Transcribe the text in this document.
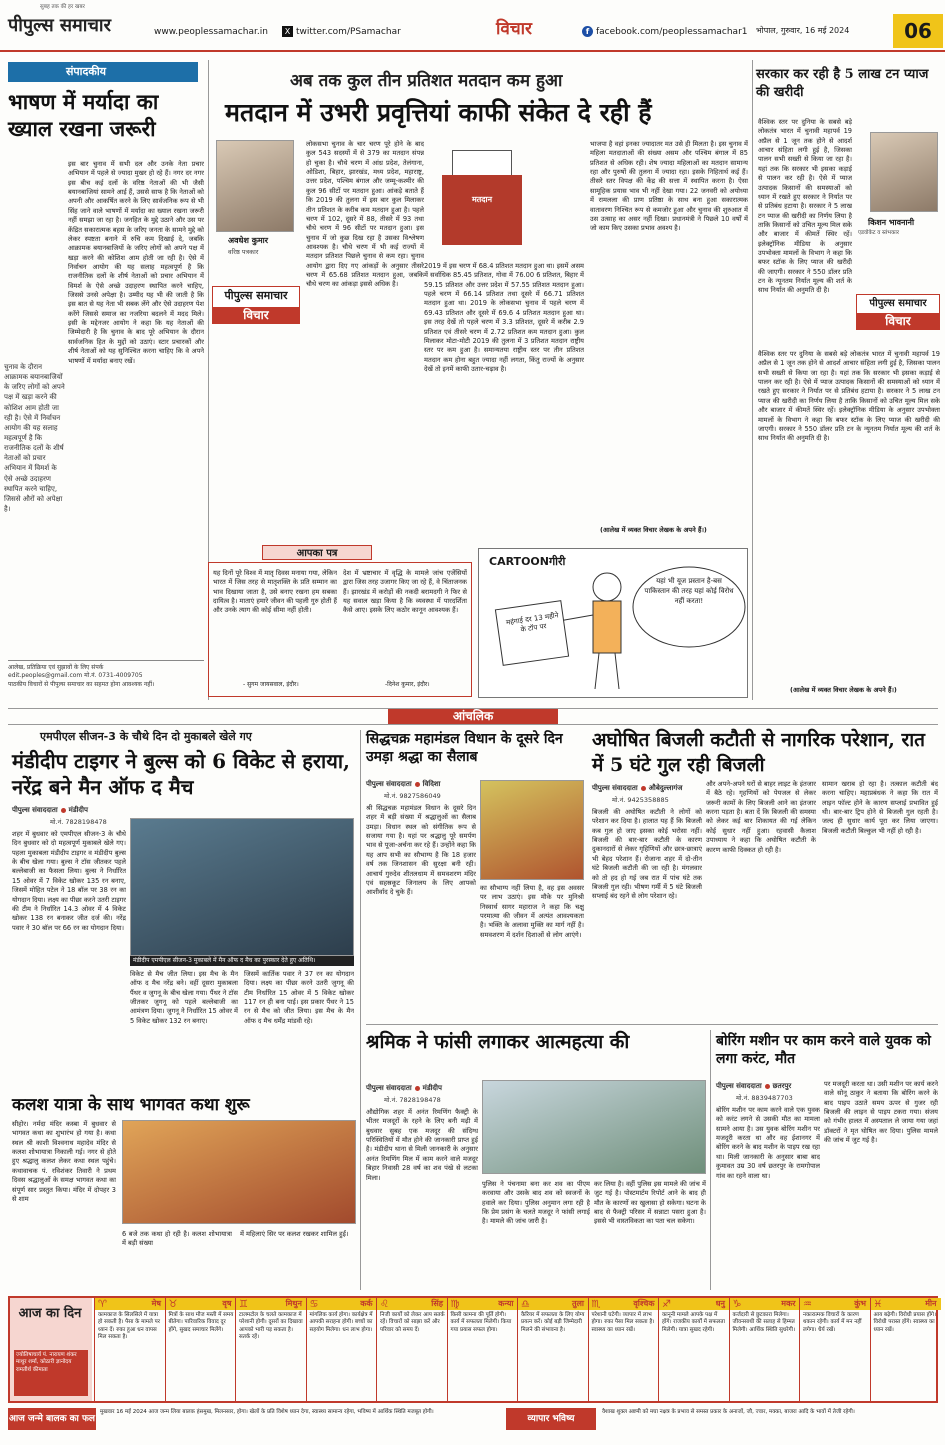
सुबह तक की हर खबर
पीपुल्स समाचार	www.peoplessamachar.in	X twitter.com/PSamachar	विचार	f facebook.com/peoplessamachar1 भोपाल, गुरुवार, 16 मई 2024	06
संपादकीय
भाषण में मर्यादा का ख्याल रखना जरूरी
चुनाव के दौरान आक्रामक बयानबाजियों के जरिए लोगों को अपने पक्ष में खड़ा करने की कोशिश आम होती जा रही है। ऐसे में निर्वाचन आयोग की यह सलाह महत्वपूर्ण है कि राजनीतिक दलों के शीर्ष नेताओं को प्रचार अभियान में विमर्श के ऐसे अच्छे उदाहरण स्थापित करने चाहिए, जिससे औरों को अपेक्षा है।
इस बार चुनाव में सभी दल और उनके नेता प्रचार अभियान में पहले से ज्यादा मुखर हो रहे हैं। नगर दर नगर इस बीच कई दलों के वरिष्ठ नेताओं की भी जैसी बयानबाजियां सामने आई हैं, उससे साफ है कि नेताओं को अपनी और आकर्षित करने के लिए सार्वजनिक रूप से भी सिंह जाने वाले भाषणों में मर्यादा का ख्याल रखना जरूरी नहीं समझा जा रहा है। जनहित के मुद्दे उठाने और उस पर केंद्रित सकारात्मक बहस के जरिए जनता के सामने मुद्दे को लेकर स्पष्टता बनाने में रुचि कम दिखाई दे, जबकि आक्रामक बयानबाजियों के जरिए लोगों को अपने पक्ष में खड़ा करने की कोशिश आम होती जा रही है। ऐसे में निर्वाचन आयोग की यह सलाह महत्वपूर्ण है कि राजनीतिक दलों के शीर्ष नेताओं को प्रचार अभियान में विमर्श के ऐसे अच्छे उदाहरण स्थापित करने चाहिए, जिससे उनसे अपेक्षा है। उम्मीद यह भी की जाती है कि इस बात से यह नेता भी सबक लेंगे और ऐसे उदाहरण पेश करेंगे जिससे समाज का नजरिया बदलने में मदद मिले। इसी के मद्देनजर आयोग ने कहा कि यह नेताओं की जिम्मेदारी है कि चुनाव के बाद पूरे अभियान के दौरान सार्वजनिक हित के मुद्दों को उठाएं। स्टार प्रचारकों और शीर्ष नेताओं को यह सुनिश्चित करना चाहिए कि वे अपने भाषणों में मर्यादा बनाए रखें।
आलेख, प्रतिक्रिया एवं सुझावों के लिए संपर्क
edit.peoples@gmail.com मो.नं. 0731-4009705
पाठकीय विचारों से पीपुल्स समाचार का सहमत होना आवश्यक नहीं।
अब तक कुल तीन प्रतिशत मतदान कम हुआ
मतदान में उभरी प्रवृत्तियां काफी संकेत दे रही हैं
अवधेश कुमार
वरिष्ठ पत्रकार
पीपुल्स समाचार
विचार
मतदान
लोकसभा चुनाव के चार चरण पूरे होने के बाद कुल 543 सदस्यों में से 379 का मतदान संपन्न हो चुका है। चौथे चरण में आंध्र प्रदेश, तेलंगाना, ओडिशा, बिहार, झारखंड, मध्य प्रदेश, महाराष्ट्र, उत्तर प्रदेश, पश्चिम बंगाल और जम्मू-कश्मीर की कुल 96 सीटों पर मतदान हुआ। आंकड़े बताते हैं कि 2019 की तुलना में इस बार कुल मिलाकर तीन प्रतिशत के करीब कम मतदान हुआ है। पहले चरण में 102, दूसरे में 88, तीसरे में 93 तथा चौथे चरण में 96 सीटों पर मतदान हुआ। इस चुनाव में जो कुछ दिख रहा है उसका विश्लेषण आवश्यक है। चौथे चरण में भी कई राज्यों में मतदान प्रतिशत पिछले चुनाव से कम रहा। चुनाव आयोग द्वारा दिए गए आंकड़ों के अनुसार तीसरे चरण में 65.68 प्रतिशत मतदान हुआ, जबकि चौथे चरण का आंकड़ा इससे अधिक है।
2019 में इस चरण में 68.4 प्रतिशत मतदान हुआ था। इसमें असम में सर्वाधिक 85.45 प्रतिशत, गोवा में 76.00 6 प्रतिशत, बिहार में 59.15 प्रतिशत और उत्तर प्रदेश में 57.55 प्रतिशत मतदान हुआ। पहले चरण में 66.14 प्रतिशत तथा दूसरे में 66.71 प्रतिशत मतदान हुआ था। 2019 के लोकसभा चुनाव में पहले चरण में 69.43 प्रतिशत और दूसरे में 69.6 4 प्रतिशत मतदान हुआ था। इस तरह देखें तो पहले चरण में 3.3 प्रतिशत, दूसरे में करीब 2.9 प्रतिशत एवं तीसरे चरण में 2.72 प्रतिशत कम मतदान हुआ। कुल मिलाकर मोटा-मोटी 2019 की तुलना में 3 प्रतिशत मतदान राष्ट्रीय स्तर पर कम हुआ है। समान्यतया राष्ट्रीय स्तर पर तीन प्रतिशत मतदान कम होना बहुत ज्यादा नहीं लगता, किंतु राज्यों के अनुसार देखें तो इनमें काफी उतार-चढ़ाव है।
भाजपा है वहां इनका ज्यादातर मत उसे ही मिलता है। इस चुनाव में महिला मतदाताओं की संख्या असम और पश्चिम बंगाल में 85 प्रतिशत से अधिक रही। शेष ज्यादा महिलाओं का मतदान सामान्य रहा और पुरुषों की तुलना में ज्यादा रहा। इसके निहितार्थ कई हैं। तीसरे स्तर विपक्ष की केंद्र की सत्ता में स्थापित करना है। ऐसा सामूहिक प्रयास भाव भी नहीं देखा गया। 22 जनवरी को अयोध्या में रामलला की प्राण प्रतिष्ठा के साथ बना हुआ सकारात्मक वातावरण निश्चित रूप से कमजोर हुआ और चुनाव की शुरुआत में उस उत्साह का असर नहीं दिखा। प्रधानमंत्री ने पिछले 10 वर्षों में जो काम किए उसका प्रभाव अवश्य है।
(आलेख में व्यक्त विचार लेखक के अपने हैं।)
यह दिनों पूरे विश्व में मातृ दिवस मनाया गया, लेकिन भारत में जिस तरह से मातृशक्ति के प्रति सम्मान का भाव दिखाया जाता है, उसे बनाए रखना हम सबका दायित्व है। माताएं हमारे जीवन की पहली गुरु होती हैं और उनके त्याग की कोई सीमा नहीं होती।
- सुगम जायसवाल, इंदौर।
देश में भ्रष्टाचार में वृद्धि के मामले जांच एजेंसियों द्वारा जिस तरह उजागर किए जा रहे हैं, वे चिंताजनक हैं। झारखंड में करोड़ों की नकदी बरामदगी ने फिर से यह सवाल खड़ा किया है कि व्यवस्था में पारदर्शिता कैसे आए। इसके लिए कठोर कानून आवश्यक हैं।
-दिनेश कुमार, इंदौर।
आपका पत्र
CARTOONगीरी
महंगाई दर 13 महीने के टॉप पर
यहां भी यूज प्रस्तान है-बस पाकिस्तान की तरह यहां कोई विरोध नहीं करता!
सरकार कर रही है 5 लाख टन प्याज की खरीदी
किशन भावनानी
एडवोकेट व स्तंभकार
पीपुल्स समाचार
विचार
वैश्विक स्तर पर दुनिया के सबसे बड़े लोकतंत्र भारत में चुनावी महापर्व 19 अप्रैल से 1 जून तक होने से आदर्श आचार संहिता लगी हुई है, जिसका पालन सभी सख्ती से किया जा रहा है। यहां तक कि सरकार भी इसका कड़ाई से पालन कर रही है। ऐसे में प्याज उत्पादक किसानों की समस्याओं को ध्यान में रखते हुए सरकार ने निर्यात पर से प्रतिबंध हटाया है। सरकार ने 5 लाख टन प्याज की खरीदी का निर्णय लिया है ताकि किसानों को उचित मूल्य मिल सके और बाजार में कीमतें स्थिर रहें। इलेक्ट्रॉनिक मीडिया के अनुसार उपभोक्ता मामलों के विभाग ने कहा कि बफर स्टॉक के लिए प्याज की खरीदी की जाएगी। सरकार ने 550 डॉलर प्रति टन के न्यूनतम निर्यात मूल्य की शर्त के साथ निर्यात की अनुमति दी है।
वैश्विक स्तर पर दुनिया के सबसे बड़े लोकतंत्र भारत में चुनावी महापर्व 19 अप्रैल से 1 जून तक होने से आदर्श आचार संहिता लगी हुई है, जिसका पालन सभी सख्ती से किया जा रहा है। यहां तक कि सरकार भी इसका कड़ाई से पालन कर रही है। ऐसे में प्याज उत्पादक किसानों की समस्याओं को ध्यान में रखते हुए सरकार ने निर्यात पर से प्रतिबंध हटाया है। सरकार ने 5 लाख टन प्याज की खरीदी का निर्णय लिया है ताकि किसानों को उचित मूल्य मिल सके और बाजार में कीमतें स्थिर रहें। इलेक्ट्रॉनिक मीडिया के अनुसार उपभोक्ता मामलों के विभाग ने कहा कि बफर स्टॉक के लिए प्याज की खरीदी की जाएगी। सरकार ने 550 डॉलर प्रति टन के न्यूनतम निर्यात मूल्य की शर्त के साथ निर्यात की अनुमति दी है।
(आलेख में व्यक्त विचार लेखक के अपने हैं।)
आंचलिक
एमपीएल सीजन-3 के चौथे दिन दो मुकाबले खेले गए
मंडीदीप टाइगर ने बुल्स को 6 विकेट से हराया, नरेंद्र बने मैन ऑफ द मैच
पीपुल्स संवाददाता मंडीदीप
मो.नं. 7828198478
मंडीदीप एमपीएल सीजन-3 मुकाबले में मैन ऑफ द मैच का पुरस्कार देते हुए अतिथि।
शहर में बुधवार को एमपीएल सीजन-3 के चौथे दिन बुधवार को दो महत्वपूर्ण मुकाबले खेले गए। पहला मुकाबला मंडीदीप टाइगर व मंडीदीप बुल्स के बीच खेला गया। बुल्स ने टॉस जीतकर पहले बल्लेबाजी का फैसला लिया। बुल्स ने निर्धारित 15 ओवर में 7 विकेट खोकर 135 रन बनाए, जिसमें मोहित पटेल ने 18 बॉल पर 38 रन का योगदान दिया। लक्ष्य का पीछा करने उतरी टाइगर की टीम ने निर्धारित 14.3 ओवर में 4 विकेट खोकर 138 रन बनाकर जीत दर्ज की। नरेंद्र पवार ने 30 बॉल पर 66 रन का योगदान दिया।
विकेट से मैच जीत लिया। इस मैच के मैन ऑफ द मैच नरेंद्र बने। वहीं दूसरा मुकाबला पैंथर व जुगनू के बीच खेला गया। पैंथर ने टॉस जीतकर जुगनू को पहले बल्लेबाजी का आमंत्रण दिया। जुगनू ने निर्धारित 15 ओवर में 5 विकेट खोकर 132 रन बनाए।
जिसमें कार्तिक पवार ने 37 रन का योगदान दिया। लक्ष्य का पीछा करने उतरी जुगनू की टीम निर्धारित 15 ओवर में 5 विकेट खोकर 117 रन ही बना पाई। इस प्रकार पैंथर ने 15 रन से मैच को जीत लिया। इस मैच के मैन ऑफ द मैच धर्मेंद्र मांडवी रहे।
कलश यात्रा के साथ भागवत कथा शुरू
सीहोर। नर्मदा मंदिर कस्बा में बुधवार से भागवत कथा का शुभारंभ हो गया है। कथा स्थल श्री काशी विश्वनाथ महादेव मंदिर से कलश शोभायात्रा निकाली गई। नगर से होते हुए श्रद्धालु कलश लेकर कथा स्थल पहुंचे। कथावाचक पं. रविशंकर तिवारी ने प्रथम दिवस श्रद्धालुओं के समक्ष भागवत कथा का संपूर्ण सार प्रस्तुत किया। मंदिर में दोपहर 3 से शाम
6 बजे तक कथा हो रही है। कलश शोभायात्रा में बड़ी संख्या
में महिलाएं सिर पर कलश रखकर शामिल हुईं।
सिद्धचक्र महामंडल विधान के दूसरे दिन उमड़ा श्रद्धा का सैलाब
पीपुल्स संवाददाता विदिशा
मो.नं. 9827586049
श्री सिद्धचक्र महामंडल विधान के दूसरे दिन शहर में बड़ी संख्या में श्रद्धालुओं का सैलाब उमड़ा। विधान स्थल को संगीतिक रूप से सजाया गया है। यहां पर श्रद्धालु पूरे समर्पण भाव से पूजा-अर्चना कर रहे हैं। उन्होंने कहा कि यह आप सभी का सौभाग्य है कि 18 हजार वर्ष तक जिनशासन की सुरक्षा बनी रही। आचार्य गुरुदेव शीतलधाम में समवशरण मंदिर एवं सहस्रकूट जिनालय के लिए आपको आशीर्वाद दे चुके हैं।
का सौभाग्य नहीं लिया है, वह इस अवसर पर लाभ उठाएं। इस मौके पर मुनिश्री निस्वार्थ सागर महाराज ने कहा कि चक्षु परमात्मा की जीवन में अत्यंत आवश्यकता है। भक्ति के अलावा मुक्ति का मार्ग नहीं है। समवशरण में दर्शन दिशाओं से लोग आएंगे।
अघोषित बिजली कटौती से नागरिक परेशान, रात में 5 घंटे गुल रही बिजली
पीपुल्स संवाददाता औबेदुल्लागंज
मो.नं. 9425358885
बिजली की अघोषित कटौती ने लोगों को परेशान कर दिया है। हालात यह हैं कि बिजली कब गुल हो जाए इसका कोई भरोसा नहीं। बिजली की बार-बार कटौती के कारण दुकानदारों से लेकर गृहिणियों और छात्र-छात्राएं भी बेहद परेशान हैं। रोजाना शहर में दो-तीन घंटे बिजली कटौती की जा रही है। मंगलवार को तो हद हो गई जब रात में पांच घंटे तक बिजली गुल रही। भीषण गर्मी में 5 घंटे बिजली सप्लाई बंद रहने से लोग परेशान रहे।
और अपने-अपने घरों से बाहर लाइट के इंतजार में बैठे रहे। गृहणियों को पेयजल से लेकर जरूरी कामों के लिए बिजली आने का इंतजार करना पड़ता है। बता दें कि बिजली की समस्या को लेकर कई बार शिकायत की गई लेकिन कोई सुधार नहीं हुआ। रहवासी कैलाश उपाध्याय ने कहा कि अघोषित कटौती के कारण काफी दिक्कत हो रही है।
सामान खराब हो रहा है। तत्काल कटौती बंद करना चाहिए। महाप्रबंधक ने कहा कि रात में लाइन फॉल्ट होने के कारण सप्लाई प्रभावित हुई थी। बार-बार ट्रिप होने से बिजली गुल रहती है। जल्द ही सुधार कार्य पूरा कर लिया जाएगा। बिजली कटौती बिल्कुल भी नहीं हो रही है।
श्रमिक ने फांसी लगाकर आत्महत्या की
पीपुल्स संवाददाता मंडीदीप
मो.नं. 7828198478
औद्योगिक शहर में अनंत रिमणिंग फैक्ट्री के भीतर मजदूरों के रहने के लिए बनी मढ़ी में बुधवार सुबह एक मजदूर की संदिग्ध परिस्थितियों में मौत होने की जानकारी प्राप्त हुई है। मंडीदीप थाना से मिली जानकारी के अनुसार अनंत रिमणिंग मिल में काम करने वाले मजदूर बिहार निवासी 28 वर्ष का शव पंखे से लटका मिला।
पुलिस ने पंचनामा बना कर शव का पीएम करवाया और उसके बाद शव को स्वजनों के हवाले कर दिया। पुलिस अनुमान लगा रही है कि प्रेम प्रसंग के चलते मजदूर ने फांसी लगाई है। मामले की जांच जारी है।
कर लिया है। वहीं पुलिस इस मामले की जांच में जुट गई है। पोस्टमार्टम रिपोर्ट आने के बाद ही मौत के कारणों का खुलासा हो सकेगा। घटना के बाद से फैक्ट्री परिसर में सन्नाटा पसरा हुआ है। इससे भी वास्तविकता का पता चल सकेगा।
बोरिंग मशीन पर काम करने वाले युवक को लगा करंट, मौत
पीपुल्स संवाददाता छतरपुर
मो.नं. 8839487703
बोरिंग मशीन पर काम करने वाले एक युवक को करंट लगने से उसकी मौत का मामला सामने आया है। उस युवक बोरिंग मशीन पर मजदूरी करता था और वह ईशानगर में बोरिंग करने के बाद मशीन के पाइप रख रहा था। मिली जानकारी के अनुसार बाबा बाद कुमावत उम्र 30 वर्ष छतरपुर के रामगोपाल गांव का रहने वाला था।
पर मजदूरी करता था। उसी मशीन पर कार्य करने वाले सोनू ठाकुर ने बताया कि बोरिंग करने के बाद पाइप उठाते समय ऊपर से गुजर रही बिजली की लाइन से पाइप टकरा गया। संजय को गंभीर हालत में अस्पताल ले जाया गया जहां डॉक्टरों ने मृत घोषित कर दिया। पुलिस मामले की जांच में जुट गई है।
आज का दिन
ज्योतिषाचार्य पं. नारायण शंकर माथुर शर्मा, कोठारी ज्ञानोदय रामतीर्थ कीमाता
मेष
♈
कामकाज के सिलसिले में यात्रा हो सकती है। पैसा के मामले पर ध्यान दें। रुका हुआ धन वापस मिल सकता है।
वृष
♉
मित्रों के साथ मौज मस्ती में समय बीतेगा। पारिवारिक विवाद दूर होंगे, सुखद समाचार मिलेंगे।
मिथुन
♊
टालमटोल के चलते कामकाज में परेशानी होगी। दूसरों का दिखावा आपको भारी पड़ सकता है। सतर्क रहें।
कर्क
♋
मांगलिक कार्य होगा। कार्यक्षेत्र में आपकी सराहना होगी। बच्चों का सहयोग मिलेगा। धन लाभ होगा।
सिंह
♌
निजी कार्यों को लेकर आप सतर्क रहें। विचारों को साझा करें और परिवार को समय दें।
कन्या
♍
किसी कामना की पूर्ति होगी। कार्य में सफलता मिलेगी। किया गया प्रयास सफल होगा।
तुला
♎
कैरियर में सफलता के लिए योग्य प्रयत्न करें। कोई बड़ी जिम्मेदारी मिलने की संभावना है।
वृश्चिक
♏
परेशानी घटेगी। व्यापार में लाभ होगा। रुका पैसा मिल सकता है। स्वास्थ्य का ध्यान रखें।
धनु
♐
कानूनी मामले आपके पक्ष में होंगे। राजकीय कार्यों में सफलता मिलेगी। यात्रा सुखद रहेगी।
मकर
♑
कर्जदारी से छुटकारा मिलेगा। जीवनसाथी की सलाह से हिम्मत मिलेगी। आर्थिक स्थिति सुधरेगी।
कुंभ
♒
नकारात्मक विचारों के कारण थकान रहेगी। कार्य में मन नहीं लगेगा। धैर्य रखें।
मीन
♓
आय बढ़ेगी। विरोधी प्रयास होंगे। विरोधी परास्त होंगे। स्वास्थ्य का ध्यान रखें।
आज जन्मे बालक का फल
मुखवार 16 मई 2024 आज जन्म लिया बालक हंसमुख, मिलनसार, होगा। खेलों के प्रति विशेष ध्यान देगा, स्वास्थ्य सामान्य रहेगा, भविष्य में आर्थिक स्थिति मजबूत होगी।
व्यापार भविष्य
वैशाख शुक्ल अष्टमी को मघा नक्षत्र के प्रभाव से समस्त प्रकार के अनाजों, जौ, ज्वार, मक्का, बाजरा आदि के भावों में तेजी रहेगी।
